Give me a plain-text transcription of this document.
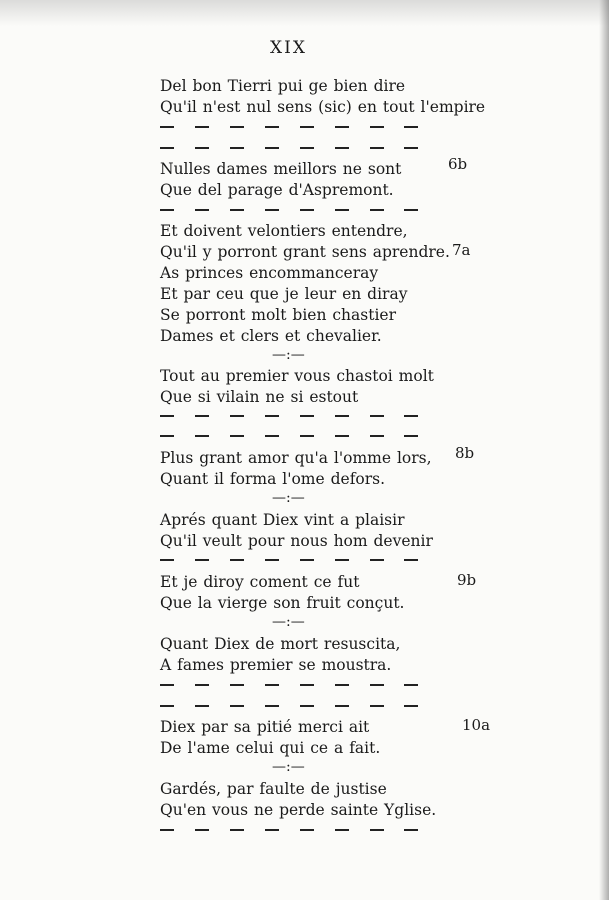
XIX
Del bon Tierri pui ge bien dire
Qu'il n'est nul sens (sic) en tout l'empire
Nulles dames meillors ne sont	6b
Que del parage d'Aspremont.
Et doivent velontiers entendre,
Qu'il y porront grant sens aprendre. 7a
As princes encommanceray
Et par ceu que je leur en diray
Se porront molt bien chastier
Dames et clers et chevalier.
—:—
Tout au premier vous chastoi molt
Que si vilain ne si estout
Plus grant amor qu'a l'omme lors, 8b
Quant il forma l'ome defors.
—:—
Aprés quant Diex vint a plaisir
Qu'il veult pour nous hom devenir
Et je diroy coment ce fut	9b
Que la vierge son fruit conçut.
—:—
Quant Diex de mort resuscita,
A fames premier se moustra.
Diex par sa pitié merci ait	10a
De l'ame celui qui ce a fait.
—:—
Gardés, par faulte de justise
Qu'en vous ne perde sainte Yglise.
